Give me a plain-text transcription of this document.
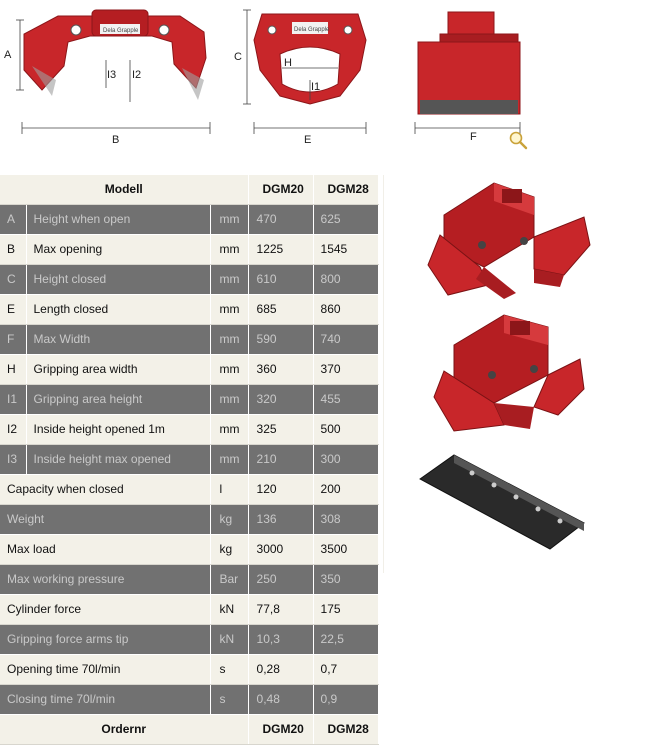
A
Dela Grapple
I3 I2
B
C
Dela Grapple
H
I1
E	F
Modell			DGM20	DGM28
A	Height when open	mm	470	625
B	Max opening	mm	1225	1545
C	Height closed	mm	610	800
E	Length closed	mm	685	860
F	Max Width	mm	590	740
H	Gripping area width	mm	360	370
I1	Gripping area height	mm	320	455
I2	Inside height opened 1m	mm	325	500
I3	Inside height max opened	mm	210	300
Capacity when closed		l	120	200
Weight		kg	136	308
Max load		kg	3000	3500
Max working pressure		Bar	250	350
Cylinder force		kN	77,8	175
Gripping force arms tip		kN	10,3	22,5
Opening time 70l/min		s	0,28	0,7
Closing time 70l/min		s	0,48	0,9
Ordernr			DGM20	DGM28
